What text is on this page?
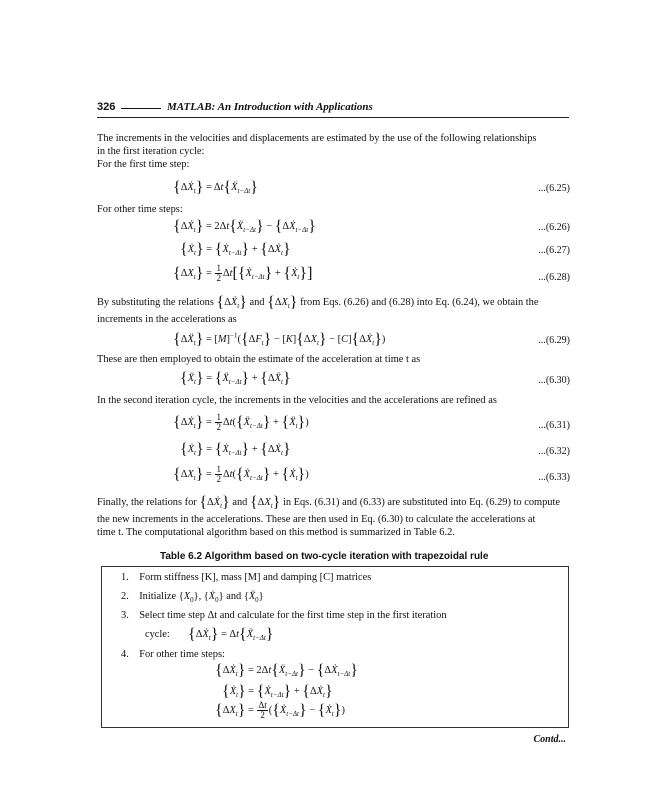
326	MATLAB: An Introduction with Applications
The increments in the velocities and displacements are estimated by the use of the following relationships
in the first iteration cycle:
For the first time step:
{ΔẊ$_t$} = Δt{Ẍ$_{t-\Delta t}$}	...(6.25)
For other time steps:
{ΔẊ$_t$} = 2Δt{Ẍ$_{t-\Delta t}$} − {ΔẊ$_{t-\Delta t}$}	...(6.26)
{Ẋ$_t$} = {Ẋ$_{t-\Delta t}$} + {ΔẊ$_t$}	...(6.27)
$\{\Delta X_t\} = \frac{1}{2}$ Δt[{Ẋ$_{t-\Delta t}$} + {Ẋ$_t$}]	...(6.28)
By substituting the relations {ΔẊ$_t$} and $\{\Delta X_t\}$ from Eqs. (6.26) and (6.28) into Eq. (6.24), we obtain the
increments in the accelerations as
{ΔẌ$_t$} = $[M]^{-1}(\{\Delta F_t\} - [K]\{\Delta X_t\}$ − [C]{ΔẊ$_t$})	...(6.29)
These are then employed to obtain the estimate of the acceleration at time t as
{Ẍ$_t$} = {Ẍ$_{t-\Delta t}$} + {ΔẌ$_t$}	...(6.30)
In the second iteration cycle, the increments in the velocities and the accelerations are refined as
{ΔẊ$_t$} = $\frac{1}{2}$ Δt({Ẍ$_{t-\Delta t}$} + {Ẍ$_t$})	...(6.31)
{Ẋ$_t$} = {Ẋ$_{t-\Delta t}$} + {ΔẊ$_t$}	...(6.32)
$\{\Delta X_t\} = \frac{1}{2}$ Δt({Ẋ$_{t-\Delta t}$} + {Ẋ$_t$})	...(6.33)
Finally, the relations for {ΔẊ$_t$} and $\{\Delta X_t\}$ in Eqs. (6.31) and (6.33) are substituted into Eq. (6.29) to compute
the new increments in the accelerations. These are then used in Eq. (6.30) to calculate the accelerations at
time t. The computational algorithm based on this method is summarized in Table 6.2.
Table 6.2 Algorithm based on two-cycle iteration with trapezoidal rule
1. Form stiffness [K], mass [M] and damping [C] matrices
2. Initialize $\{X_0\}$, {Ẋ$_0$} and {Ẍ$_0$}
3. Select time step Δt and calculate for the first time step in the first iteration
cycle: {ΔẊ$_t$} = Δt{Ẍ$_{t-\Delta t}$}
4. For other time steps:
{ΔẊ$_t$} = 2Δt{Ẍ$_{t-\Delta t}$} − {ΔẊ$_{t-\Delta t}$}
{Ẋ$_t$} = {Ẋ$_{t-\Delta t}$} + {ΔẊ$_t$}
$\{\Delta X_t\} = \frac{\Delta t}{2}$ ({Ẋ$_{t-\Delta t}$} − {Ẋ$_t$})
Contd...
